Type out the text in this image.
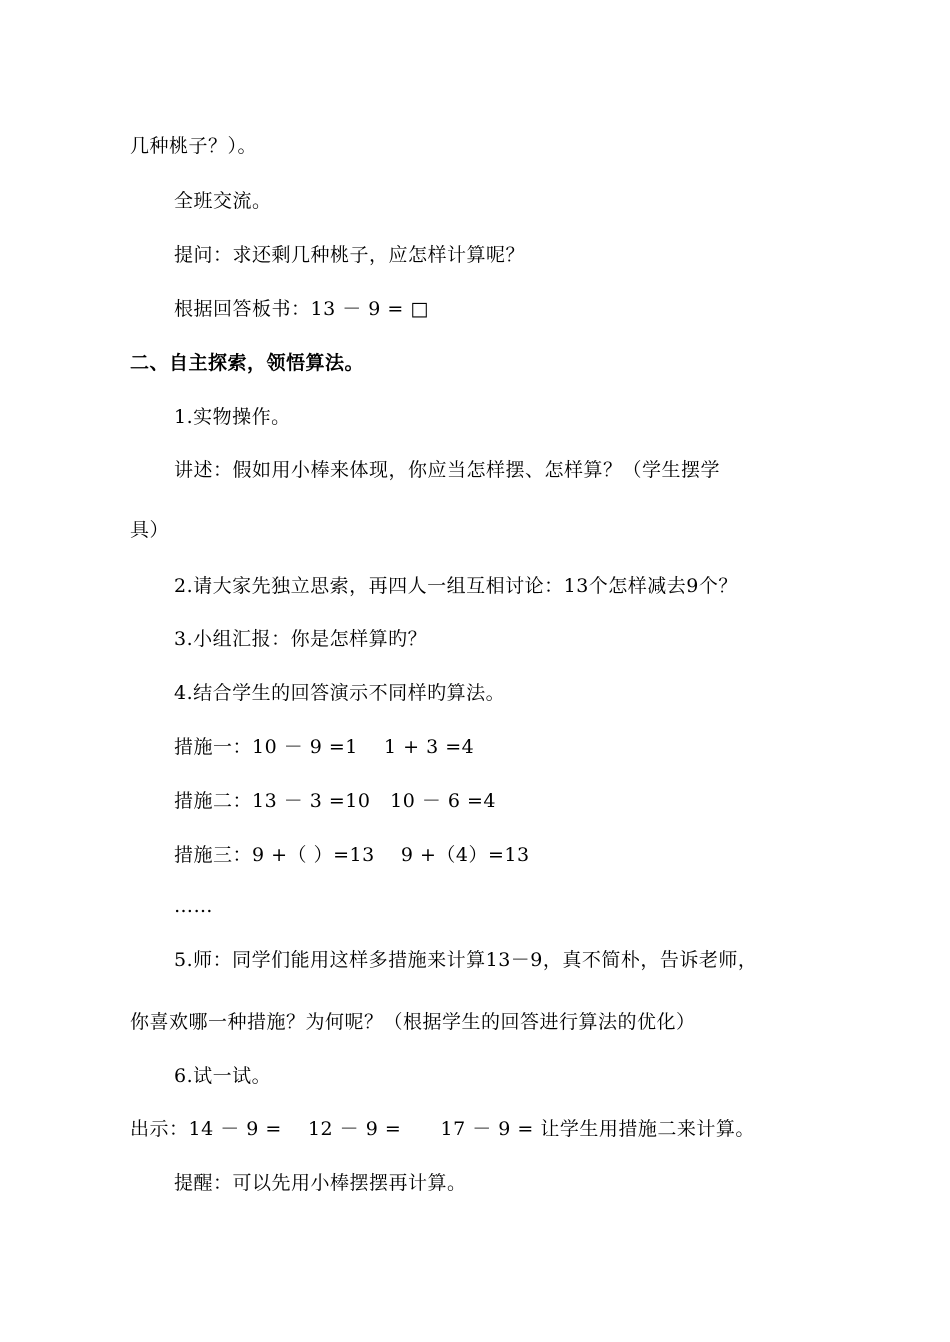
几种桃子？）。
全班交流。
提问：求还剩几种桃子，应怎样计算呢？
根据回答板书：13 － 9 = □
二、自主探索，领悟算法。
1.实物操作。
讲述：假如用小棒来体现，你应当怎样摆、怎样算？（学生摆学
具）
2.请大家先独立思索，再四人一组互相讨论：13个怎样减去9个？
3.小组汇报：你是怎样算旳？
4.结合学生的回答演示不同样旳算法。
措施一：10 － 9 =1    1 + 3 =4
措施二：13 － 3 =10   10 － 6 =4
措施三：9 +（ ）=13    9 +（4）=13
……
5.师：同学们能用这样多措施来计算13－9，真不简朴，告诉老师，
你喜欢哪一种措施？为何呢？（根据学生的回答进行算法的优化）
6.试一试。
出示：14 － 9 =    12 － 9 =      17 － 9 = 让学生用措施二来计算。
提醒：可以先用小棒摆摆再计算。
